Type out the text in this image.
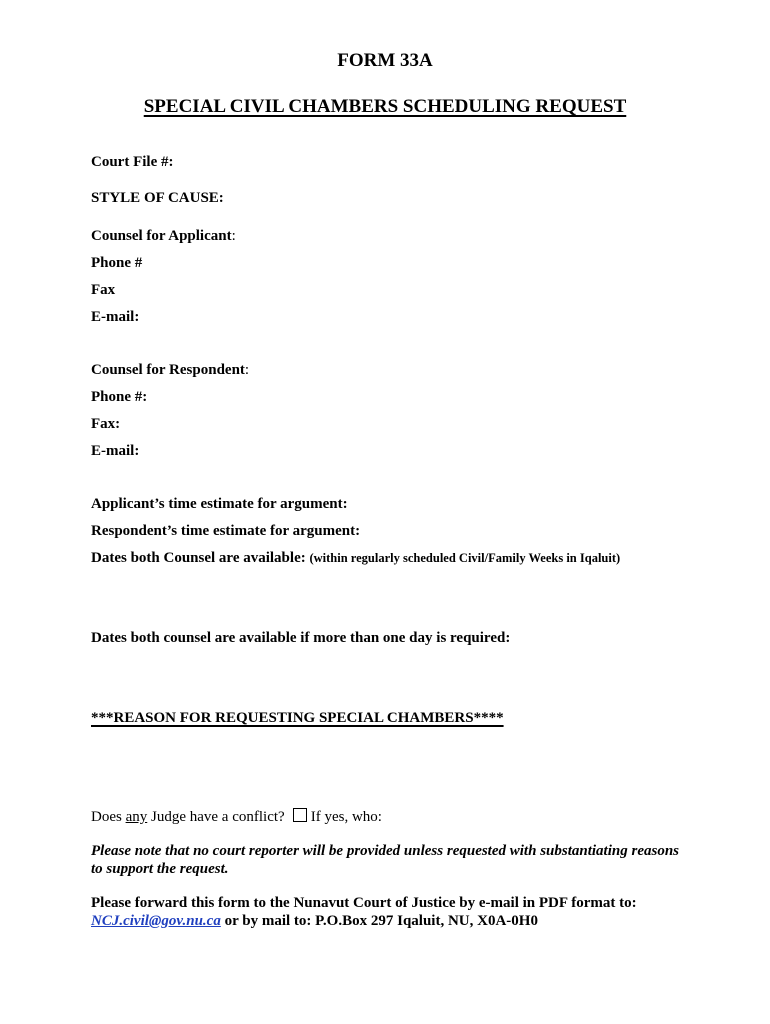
FORM 33A
SPECIAL CIVIL CHAMBERS SCHEDULING REQUEST
Court File #:
STYLE OF CAUSE:
Counsel for Applicant:
Phone #
Fax
E-mail:
Counsel for Respondent:
Phone #:
Fax:
E-mail:
Applicant’s time estimate for argument:
Respondent’s time estimate for argument:
Dates both Counsel are available: (within regularly scheduled Civil/Family Weeks in Iqaluit)
Dates both counsel are available if more than one day is required:
***REASON FOR REQUESTING SPECIAL CHAMBERS****
Does any Judge have a conflict? If yes, who:

Please note that no court reporter will be provided unless requested with substantiating reasons to support the request.

Please forward this form to the Nunavut Court of Justice by e-mail in PDF format to:
NCJ.civil@gov.nu.ca or by mail to: P.O.Box 297 Iqaluit, NU, X0A-0H0
